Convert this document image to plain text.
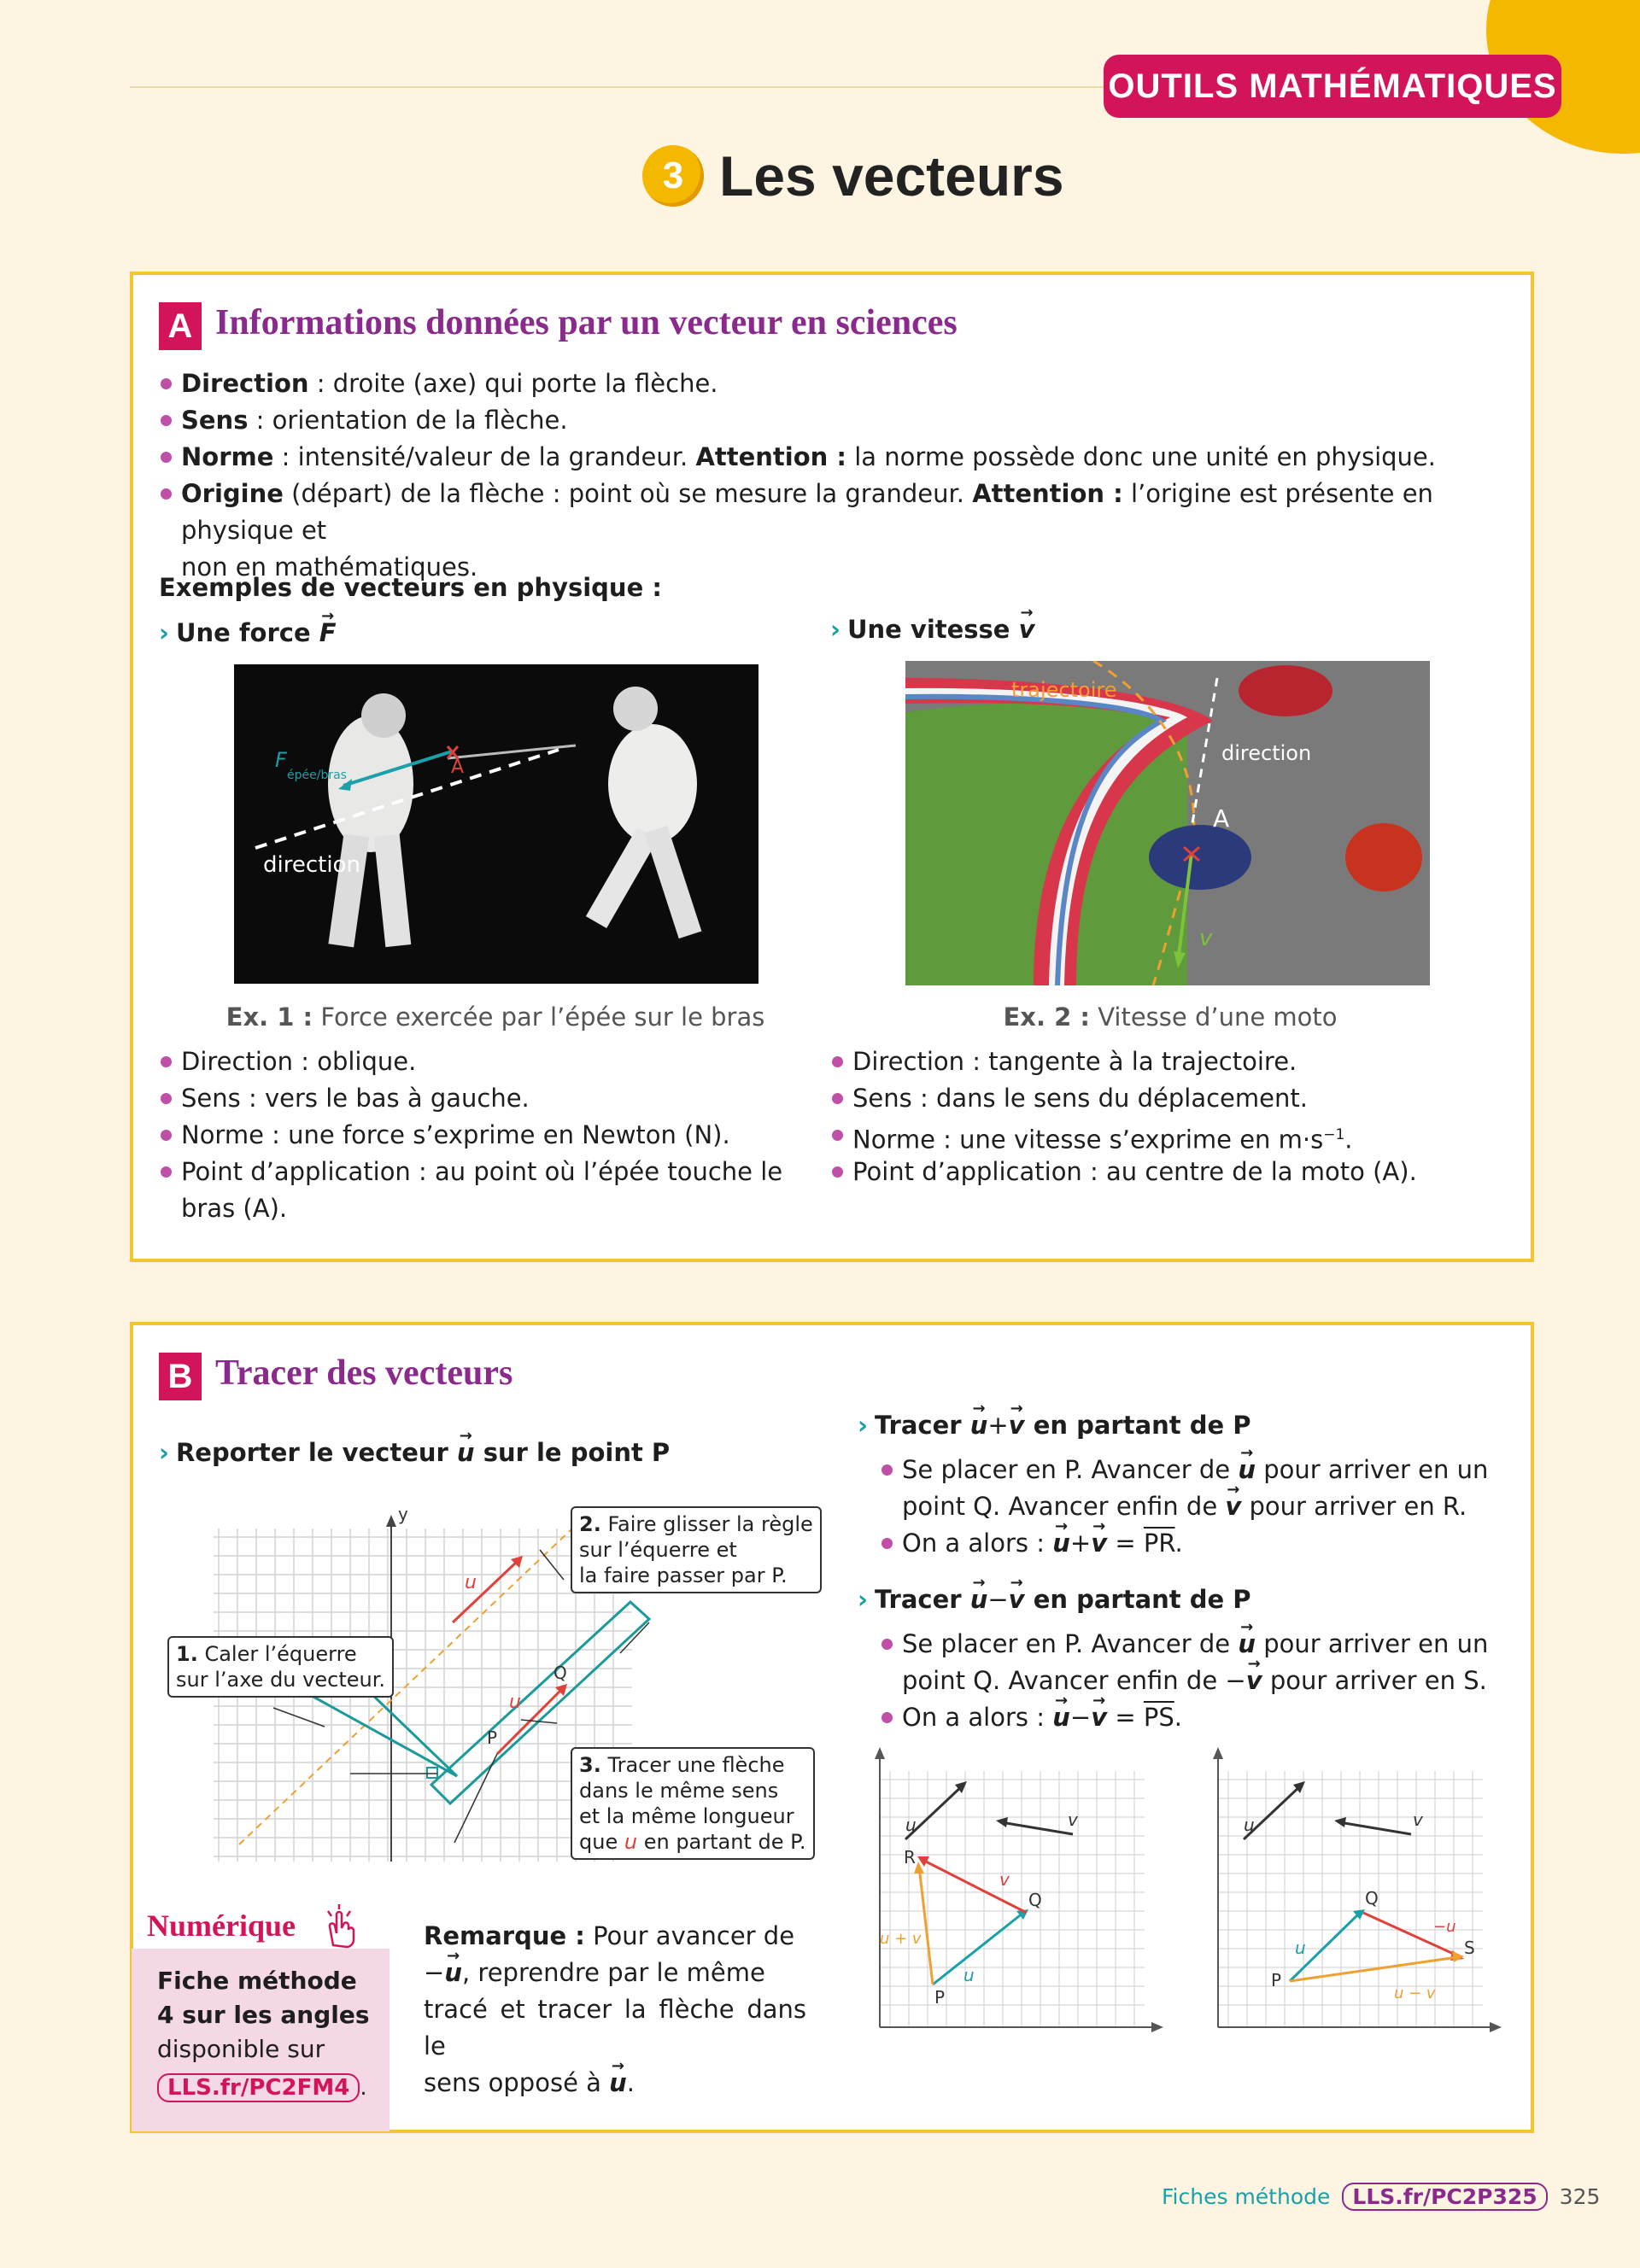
OUTILS MATHÉMATIQUES
3 Les vecteurs
A Informations données par un vecteur en sciences
Direction : droite (axe) qui porte la flèche.
Sens : orientation de la flèche.
Norme : intensité/valeur de la grandeur. Attention : la norme possède donc une unité en physique.
Origine (départ) de la flèche : point où se mesure la grandeur. Attention : l’origine est présente en physique et
non en mathématiques.
Exemples de vecteurs en physique :
› Une force → F	› Une vitesse → v
F
épée/bras	A
direction
trajectoire
direction
A
v
Ex. 1 : Force exercée par l’épée sur le bras	Ex. 2 : Vitesse d’une moto
Direction : oblique.
Sens : vers le bas à gauche.
Norme : une force s’exprime en Newton (N).
Point d’application : au point où l’épée touche le
bras (A).
Direction : tangente à la trajectoire.
Sens : dans le sens du déplacement.
Norme : une vitesse s’exprime en $m\cdot s^{-1}$.
Point d’application : au centre de la moto (A).
B Tracer des vecteurs
› Reporter le vecteur → u sur le point P
y
Q
P
u
u
1. Caler l’équerre
sur l’axe du vecteur.
2. Faire glisser la règle
sur l’équerre et
la faire passer par P.
3. Tracer une flèche
dans le même sens
et la même longueur
que u en partant de P.
› Tracer → u+→ v en partant de P
Se placer en P. Avancer de → u pour arriver en un
point Q. Avancer enfin de → v pour arriver en R.
On a alors : → $u+\to v = \overline{PR}$.
› Tracer → u−→ v en partant de P
Se placer en P. Avancer de → u pour arriver en un
point Q. Avancer enfin de −→ v pour arriver en S.
On a alors : → $u-\to v = \overline{PS}$.
R
Q
P
u + v
u
v
u	v
P
Q
S
u − v
−u
u
u	v
Numérique
Fiche méthode
4 sur les angles
disponible sur
LLS.fr/PC2FM4 .
Remarque : Pour avancer de
−→ u, reprendre par le même
tracé et tracer la flèche dans le
sens opposé à → u.
Fiches méthode	LLS.fr/PC2P325	325
